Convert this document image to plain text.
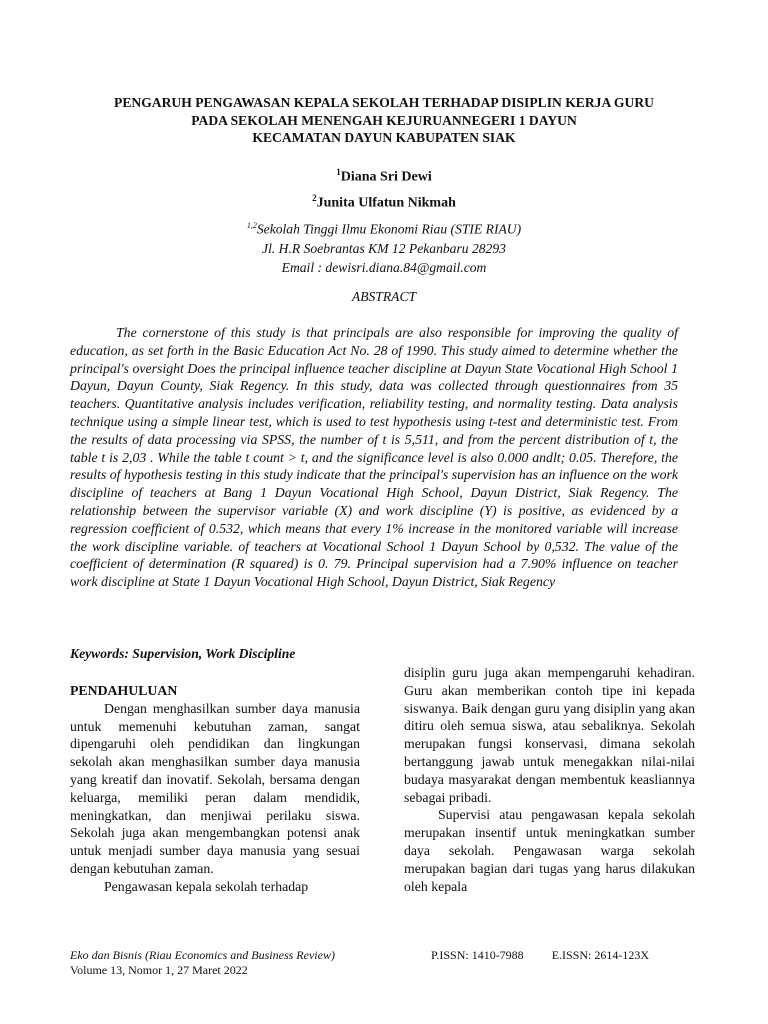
PENGARUH PENGAWASAN KEPALA SEKOLAH TERHADAP DISIPLIN KERJA GURU
PADA SEKOLAH MENENGAH KEJURUANNEGERI 1 DAYUN
KECAMATAN DAYUN KABUPATEN SIAK
$^1$Diana Sri Dewi
$^2$Junita Ulfatun Nikmah
$^{1,2}$Sekolah Tinggi Ilmu Ekonomi Riau (STIE RIAU)
Jl. H.R Soebrantas KM 12 Pekanbaru 28293
Email : dewisri.diana.84@gmail.com
ABSTRACT

The cornerstone of this study is that principals are also responsible for improving the quality of education, as set forth in the Basic Education Act No. 28 of 1990. This study aimed to determine whether the principal's oversight Does the principal influence teacher discipline at Dayun State Vocational High School 1 Dayun, Dayun County, Siak Regency. In this study, data was collected through questionnaires from 35 teachers. Quantitative analysis includes verification, reliability testing, and normality testing. Data analysis technique using a simple linear test, which is used to test hypothesis using t-test and deterministic test. From the results of data processing via SPSS, the number of t is 5,511, and from the percent distribution of t, the table t is 2,03 . While the table t count > t, and the significance level is also 0.000 andlt; 0.05. Therefore, the results of hypothesis testing in this study indicate that the principal's supervision has an influence on the work discipline of teachers at Bang 1 Dayun Vocational High School, Dayun District, Siak Regency. The relationship between the supervisor variable (X) and work discipline (Y) is positive, as evidenced by a regression coefficient of 0.532, which means that every 1% increase in the monitored variable will increase the work discipline variable. of teachers at Vocational School 1 Dayun School by 0,532. The value of the coefficient of determination (R squared) is 0. 79. Principal supervision had a 7.90% influence on teacher work discipline at State 1 Dayun Vocational High School, Dayun District, Siak Regency

Keywords: Supervision, Work Discipline

PENDAHULUAN

Dengan menghasilkan sumber daya manusia untuk memenuhi kebutuhan zaman, sangat dipengaruhi oleh pendidikan dan lingkungan sekolah akan menghasilkan sumber daya manusia yang kreatif dan inovatif. Sekolah, bersama dengan keluarga, memiliki peran dalam mendidik, meningkatkan, dan menjiwai perilaku siswa. Sekolah juga akan mengembangkan potensi anak untuk menjadi sumber daya manusia yang sesuai dengan kebutuhan zaman.

Pengawasan kepala sekolah terhadap

disiplin guru juga akan mempengaruhi kehadiran. Guru akan memberikan contoh tipe ini kepada siswanya. Baik dengan guru yang disiplin yang akan ditiru oleh semua siswa, atau sebaliknya. Sekolah merupakan fungsi konservasi, dimana sekolah bertanggung jawab untuk menegakkan nilai-nilai budaya masyarakat dengan membentuk keasliannya sebagai pribadi.

Supervisi atau pengawasan kepala sekolah merupakan insentif untuk meningkatkan sumber daya sekolah. Pengawasan warga sekolah merupakan bagian dari tugas yang harus dilakukan oleh kepala

Eko dan Bisnis (Riau Economics and Business Review)
Volume 13, Nomor 1, 27 Maret 2022
P.ISSN: 1410-7988 E.ISSN: 2614-123X
